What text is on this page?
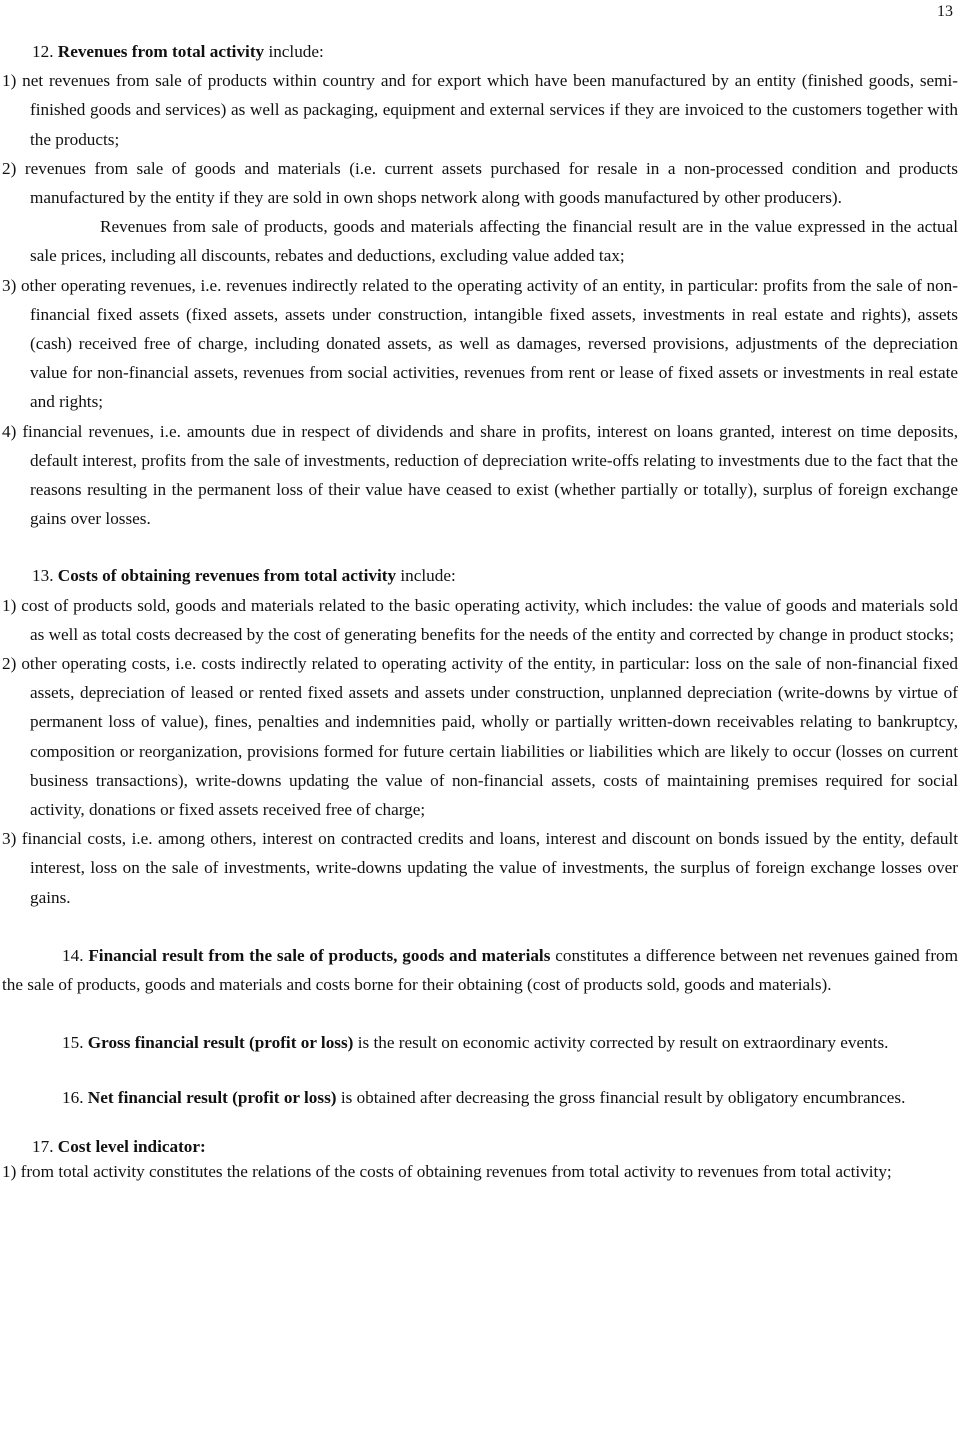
13

12. Revenues from total activity include:

1) net revenues from sale of products within country and for export which have been manufactured by an entity (finished goods, semi-finished goods and services) as well as packaging, equipment and external services if they are invoiced to the customers together with the products;

2) revenues from sale of goods and materials (i.e. current assets purchased for resale in a non-processed condition and products manufactured by the entity if they are sold in own shops network along with goods manufactured by other producers).

Revenues from sale of products, goods and materials affecting the financial result are in the value expressed in the actual sale prices, including all discounts, rebates and deductions, excluding value added tax;

3) other operating revenues, i.e. revenues indirectly related to the operating activity of an entity, in particular: profits from the sale of non-financial fixed assets (fixed assets, assets under construction, intangible fixed assets, investments in real estate and rights), assets (cash) received free of charge, including donated assets, as well as damages, reversed provisions, adjustments of the depreciation value for non-financial assets, revenues from social activities, revenues from rent or lease of fixed assets or investments in real estate and rights;

4) financial revenues, i.e. amounts due in respect of dividends and share in profits, interest on loans granted, interest on time deposits, default interest, profits from the sale of investments, reduction of depreciation write-offs relating to investments due to the fact that the reasons resulting in the permanent loss of their value have ceased to exist (whether partially or totally), surplus of foreign exchange gains over losses.

13. Costs of obtaining revenues from total activity include:

1) cost of products sold, goods and materials related to the basic operating activity, which includes: the value of goods and materials sold as well as total costs decreased by the cost of generating benefits for the needs of the entity and corrected by change in product stocks;

2) other operating costs, i.e. costs indirectly related to operating activity of the entity, in particular: loss on the sale of non-financial fixed assets, depreciation of leased or rented fixed assets and assets under construction, unplanned depreciation (write-downs by virtue of permanent loss of value), fines, penalties and indemnities paid, wholly or partially written-down receivables relating to bankruptcy, composition or reorganization, provisions formed for future certain liabilities or liabilities which are likely to occur (losses on current business transactions), write-downs updating the value of non-financial assets, costs of maintaining premises required for social activity, donations or fixed assets received free of charge;

3) financial costs, i.e. among others, interest on contracted credits and loans, interest and discount on bonds issued by the entity, default interest, loss on the sale of investments, write-downs updating the value of investments, the surplus of foreign exchange losses over gains.

14. Financial result from the sale of products, goods and materials constitutes a difference between net revenues gained from the sale of products, goods and materials and costs borne for their obtaining (cost of products sold, goods and materials).

15. Gross financial result (profit or loss) is the result on economic activity corrected by result on extraordinary events.

16. Net financial result (profit or loss) is obtained after decreasing the gross financial result by obligatory encumbrances.

17. Cost level indicator:

1) from total activity constitutes the relations of the costs of obtaining revenues from total activity to revenues from total activity;
